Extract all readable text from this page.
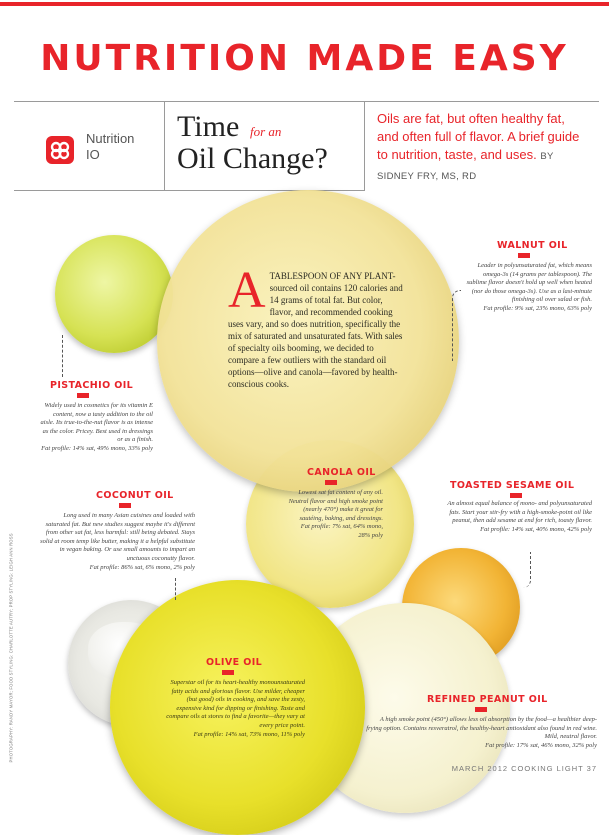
NUTRITION MADE EASY
Nutrition
IO
Time for an
Oil Change?
Oils are fat, but often healthy fat, and often full of flavor. A brief guide to nutrition, taste, and uses. BY SIDNEY FRY, MS, RD
ATABLESPOON OF ANY PLANT-sourced oil contains 120 calories and 14 grams of total fat. But color, flavor, and recommended cooking uses vary, and so does nutrition, specifically the mix of saturated and unsaturated fats. With sales of specialty oils booming, we decided to compare a few outliers with the standard oil options—olive and canola—favored by health-conscious cooks.
WALNUT OIL
Leader in polyunsaturated fat, which means omega-3s (14 grams per tablespoon). The sublime flavor doesn't hold up well when heated (nor do those omega-3s). Use as a last-minute finishing oil over salad or fish.
Fat profile: 9% sat, 23% mono, 63% poly
PISTACHIO OIL
Widely used in cosmetics for its vitamin E content, now a tasty addition to the oil aisle. Its true-to-the-nut flavor is as intense as the color. Pricey. Best used in dressings or as a finish.
Fat profile: 14% sat, 49% mono, 33% poly
CANOLA OIL
Lowest sat fat content of any oil. Neutral flavor and high smoke point (nearly 470°) make it great for sautéing, baking, and dressings.
Fat profile: 7% sat, 64% mono, 28% poly
TOASTED SESAME OIL
An almost equal balance of mono- and polyunsaturated fats. Start your stir-fry with a high-smoke-point oil like peanut, then add sesame at end for rich, toasty flavor.
Fat profile: 14% sat, 40% mono, 42% poly
COCONUT OIL
Long used in many Asian cuisines and loaded with saturated fat. But new studies suggest maybe it's different from other sat fat, less harmful: still being debated. Stays solid at room temp like butter, making it a helpful substitute in vegan baking. Or use small amounts to impart an unctuous coconutty flavor.
Fat profile: 86% sat, 6% mono, 2% poly
OLIVE OIL
Superstar oil for its heart-healthy monounsaturated fatty acids and glorious flavor. Use milder, cheaper (but good) oils in cooking, and save the zesty, expensive kind for dipping or finishing. Taste and compare oils at stores to find a favorite—they vary at every price point.
Fat profile: 14% sat, 73% mono, 11% poly
REFINED PEANUT OIL
A high smoke point (450°) allows less oil absorption by the food—a healthier deep-frying option. Contains resveratrol, the healthy-heart antioxidant also found in red wine. Mild, neutral flavor.
Fat profile: 17% sat, 46% mono, 32% poly
PHOTOGRAPHY: RANDY MAYOR; FOOD STYLING: CHARLOTTE AUTRY; PROP STYLING: LEIGH ANN ROSS
MARCH 2012 COOKING LIGHT 37
